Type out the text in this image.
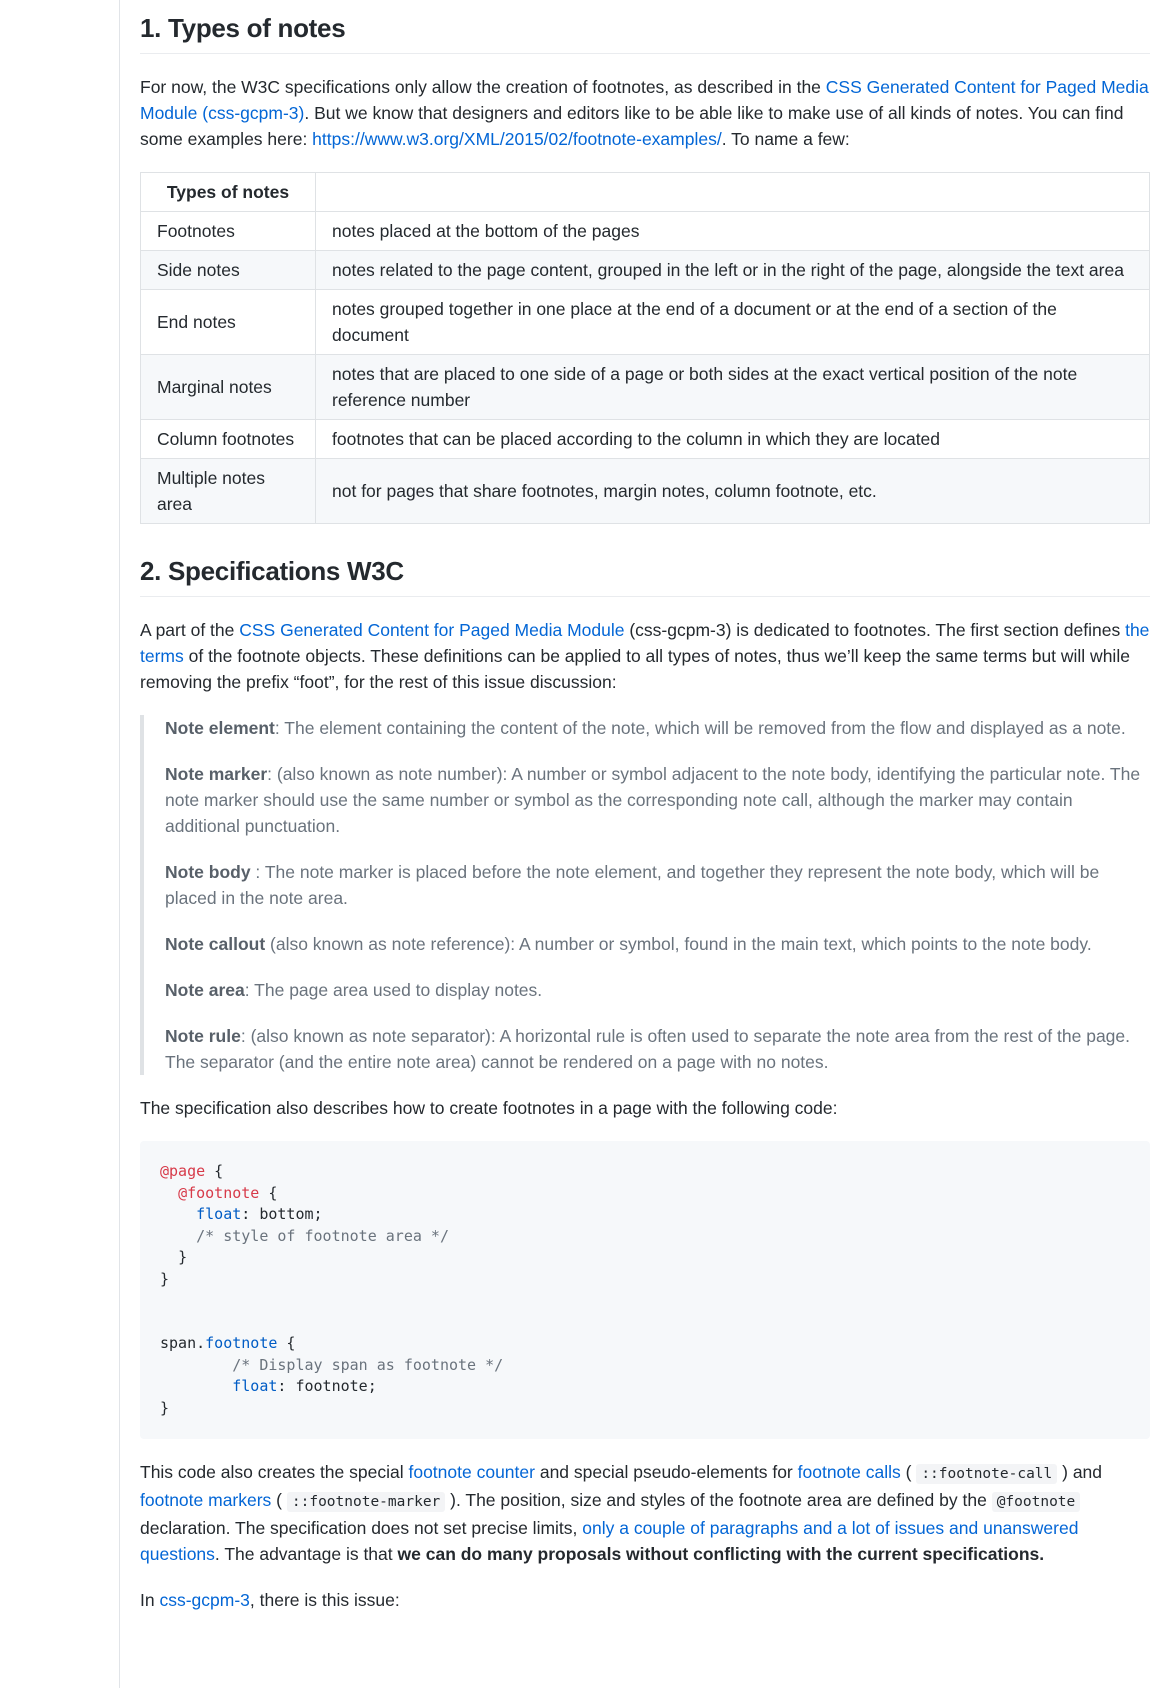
1. Types of notes

For now, the W3C specifications only allow the creation of footnotes, as described in the CSS Generated Content for Paged Media Module (css-gcpm-3). But we know that designers and editors like to be able like to make use of all kinds of notes. You can find some examples here: https://www.w3.org/XML/2015/02/footnote-examples/. To name a few:

Types of notes	
Footnotes	notes placed at the bottom of the pages
Side notes	notes related to the page content, grouped in the left or in the right of the page, alongside the text area
End notes	notes grouped together in one place at the end of a document or at the end of a section of the document
Marginal notes	notes that are placed to one side of a page or both sides at the exact vertical position of the note reference number
Column footnotes	footnotes that can be placed according to the column in which they are located
Multiple notes area	not for pages that share footnotes, margin notes, column footnote, etc.
2. Specifications W3C

A part of the CSS Generated Content for Paged Media Module (css-gcpm-3) is dedicated to footnotes. The first section defines the terms of the footnote objects. These definitions can be applied to all types of notes, thus we’ll keep the same terms but will while removing the prefix “foot”, for the rest of this issue discussion:

Note element: The element containing the content of the note, which will be removed from the flow and displayed as a note.

Note marker: (also known as note number): A number or symbol adjacent to the note body, identifying the particular note. The note marker should use the same number or symbol as the corresponding note call, although the marker may contain additional punctuation.

Note body : The note marker is placed before the note element, and together they represent the note body, which will be placed in the note area.

Note callout (also known as note reference): A number or symbol, found in the main text, which points to the note body.

Note area: The page area used to display notes.

Note rule: (also known as note separator): A horizontal rule is often used to separate the note area from the rest of the page. The separator (and the entire note area) cannot be rendered on a page with no notes.

The specification also describes how to create footnotes in a page with the following code:

@page {
@footnote {
float: bottom;
/* style of footnote area */
}
}

span.footnote {
/* Display span as footnote */
float: footnote;
}

This code also creates the special footnote counter and special pseudo-elements for footnote calls ( ::footnote-call ) and footnote markers ( ::footnote-marker ). The position, size and styles of the footnote area are defined by the @footnote declaration. The specification does not set precise limits, only a couple of paragraphs and a lot of issues and unanswered questions. The advantage is that we can do many proposals without conflicting with the current specifications.

In css-gcpm-3, there is this issue:
